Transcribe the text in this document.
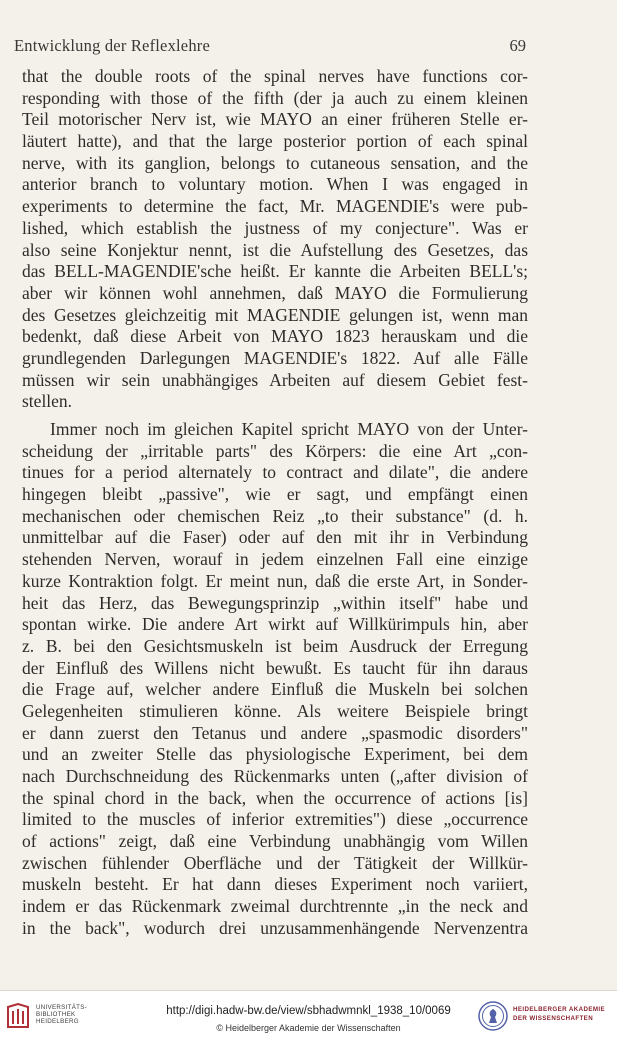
Entwicklung der Reflexlehre	69
that the double roots of the spinal nerves have functions cor-
responding with those of the fifth (der ja auch zu einem kleinen
Teil motorischer Nerv ist, wie MAYO an einer früheren Stelle er-
läutert hatte), and that the large posterior portion of each spinal
nerve, with its ganglion, belongs to cutaneous sensation, and the
anterior branch to voluntary motion. When I was engaged in
experiments to determine the fact, Mr. MAGENDIE's were pub-
lished, which establish the justness of my conjecture". Was er
also seine Konjektur nennt, ist die Aufstellung des Gesetzes, das
das BELL-MAGENDIE'sche heißt. Er kannte die Arbeiten BELL's;
aber wir können wohl annehmen, daß MAYO die Formulierung
des Gesetzes gleichzeitig mit MAGENDIE gelungen ist, wenn man
bedenkt, daß diese Arbeit von MAYO 1823 herauskam und die
grundlegenden Darlegungen MAGENDIE's 1822. Auf alle Fälle
müssen wir sein unabhängiges Arbeiten auf diesem Gebiet fest-
stellen.
Immer noch im gleichen Kapitel spricht MAYO von der Unter-
scheidung der „irritable parts" des Körpers: die eine Art „con-
tinues for a period alternately to contract and dilate", die andere
hingegen bleibt „passive", wie er sagt, und empfängt einen
mechanischen oder chemischen Reiz „to their substance" (d. h.
unmittelbar auf die Faser) oder auf den mit ihr in Verbindung
stehenden Nerven, worauf in jedem einzelnen Fall eine einzige
kurze Kontraktion folgt. Er meint nun, daß die erste Art, in Sonder-
heit das Herz, das Bewegungsprinzip „within itself" habe und
spontan wirke. Die andere Art wirkt auf Willkürimpuls hin, aber
z. B. bei den Gesichtsmuskeln ist beim Ausdruck der Erregung
der Einfluß des Willens nicht bewußt. Es taucht für ihn daraus
die Frage auf, welcher andere Einfluß die Muskeln bei solchen
Gelegenheiten stimulieren könne. Als weitere Beispiele bringt
er dann zuerst den Tetanus und andere „spasmodic disorders"
und an zweiter Stelle das physiologische Experiment, bei dem
nach Durchschneidung des Rückenmarks unten („after division of
the spinal chord in the back, when the occurrence of actions [is]
limited to the muscles of inferior extremities") diese „occurrence
of actions" zeigt, daß eine Verbindung unabhängig vom Willen
zwischen fühlender Oberfläche und der Tätigkeit der Willkür-
muskeln besteht. Er hat dann dieses Experiment noch variiert,
indem er das Rückenmark zweimal durchtrennte „in the neck and
in the back", wodurch drei unzusammenhängende Nervenzentra
UNIVERSITÄTS-
BIBLIOTHEK
HEIDELBERG
http://digi.hadw-bw.de/view/sbhadwmnkl_1938_10/0069
© Heidelberger Akademie der Wissenschaften
HEIDELBERGER AKADEMIE
DER WISSENSCHAFTEN
